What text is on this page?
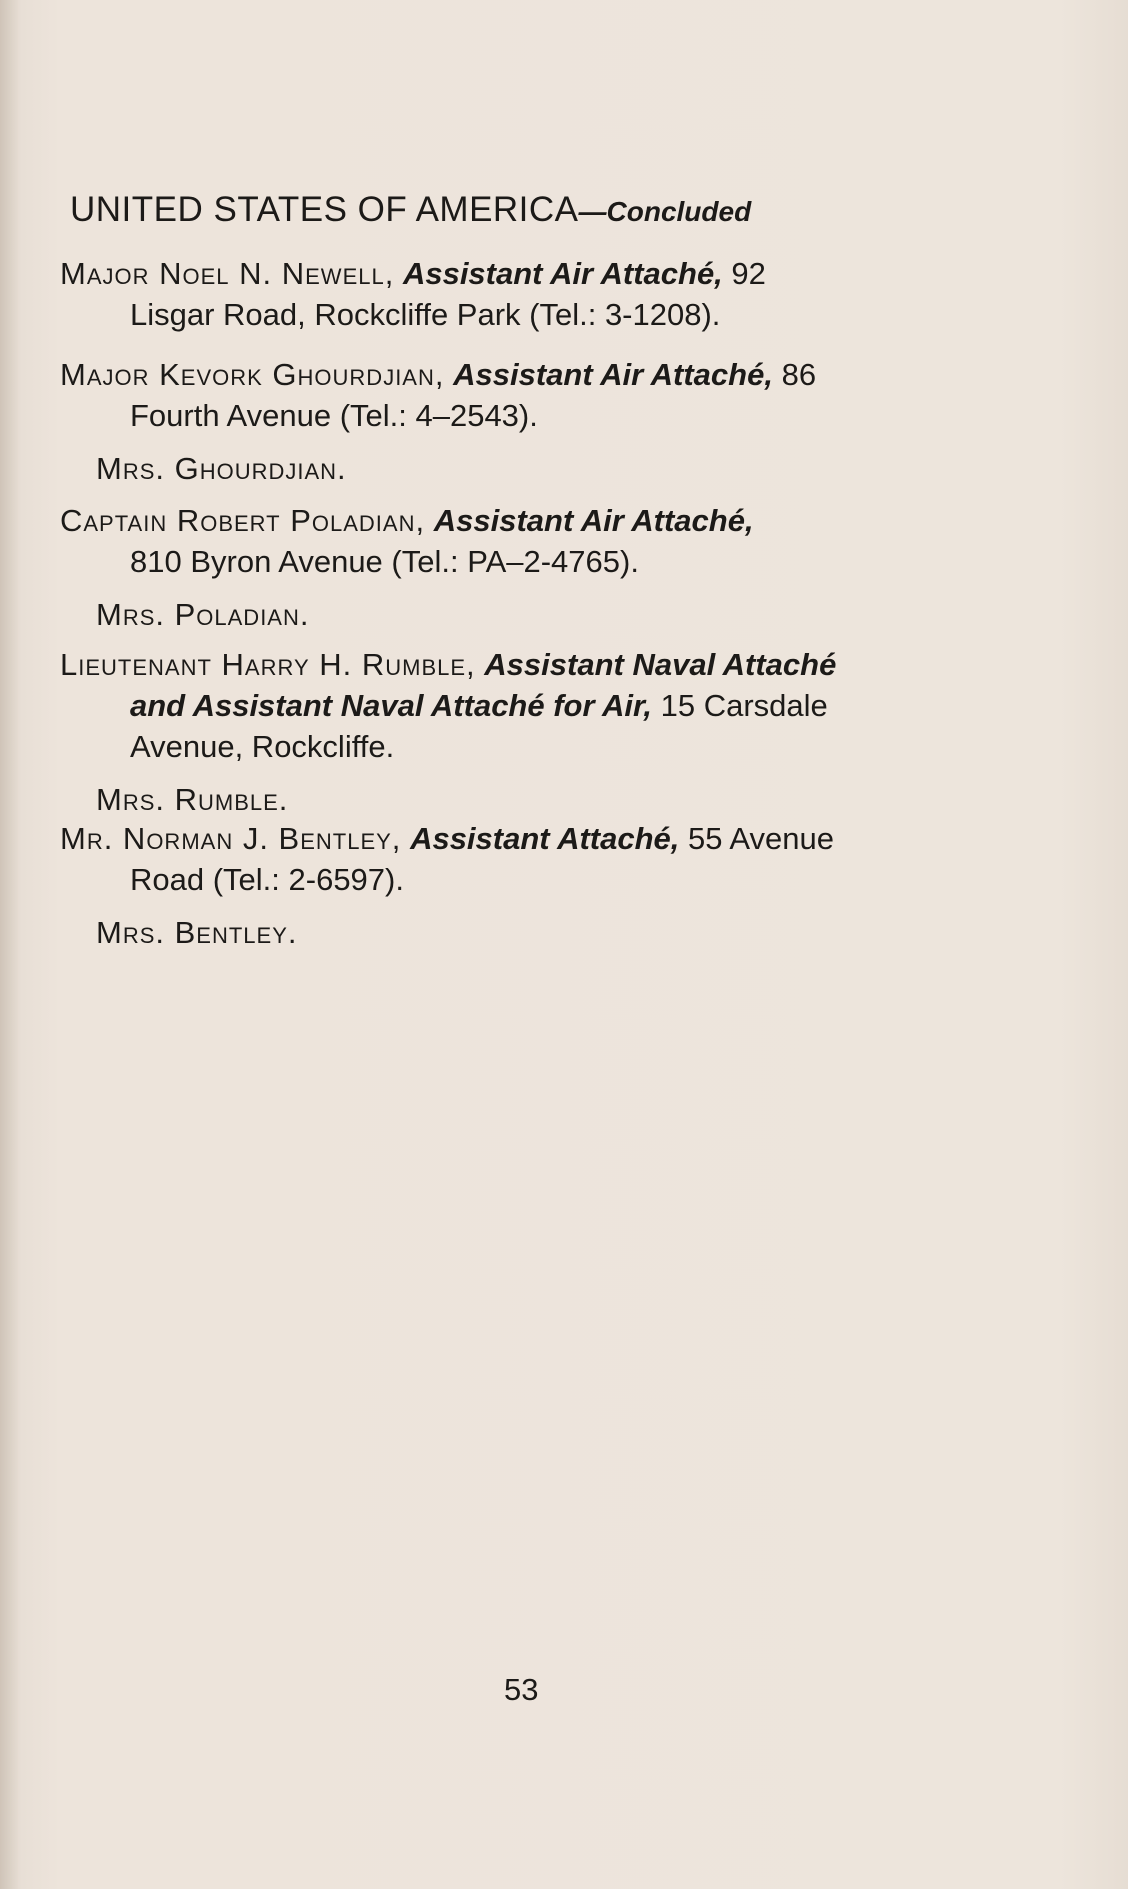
UNITED STATES OF AMERICA—Concluded
Major Noel N. Newell, Assistant Air Attaché, 92
Lisgar Road, Rockcliffe Park (Tel.: 3-1208).
Major Kevork Ghourdjian, Assistant Air Attaché, 86
Fourth Avenue (Tel.: 4–2543).
Mrs. Ghourdjian.
Captain Robert Poladian, Assistant Air Attaché,
810 Byron Avenue (Tel.: PA–2-4765).
Mrs. Poladian.
Lieutenant Harry H. Rumble, Assistant Naval Attaché
and Assistant Naval Attaché for Air, 15 Carsdale
Avenue, Rockcliffe.
Mrs. Rumble.
Mr. Norman J. Bentley, Assistant Attaché, 55 Avenue
Road (Tel.: 2-6597).
Mrs. Bentley.
53
